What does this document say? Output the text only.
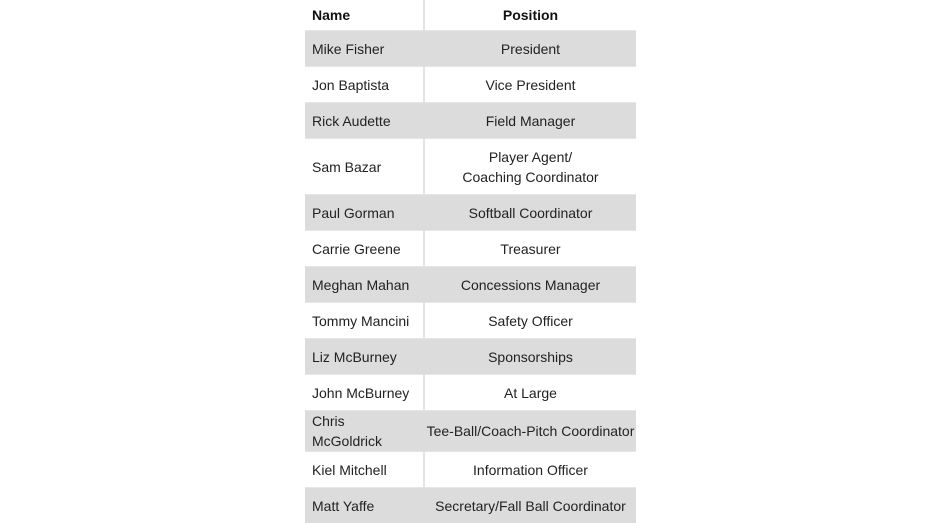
Name	Position
Mike Fisher	President
Jon Baptista	Vice President
Rick Audette	Field Manager
Sam Bazar	Player Agent/
Coaching Coordinator
Paul Gorman	Softball Coordinator
Carrie Greene	Treasurer
Meghan Mahan	Concessions Manager
Tommy Mancini	Safety Officer
Liz McBurney	Sponsorships
John McBurney	At Large
Chris McGoldrick	Tee-Ball/Coach-Pitch Coordinator
Kiel Mitchell	Information Officer
Matt Yaffe	Secretary/Fall Ball Coordinator
